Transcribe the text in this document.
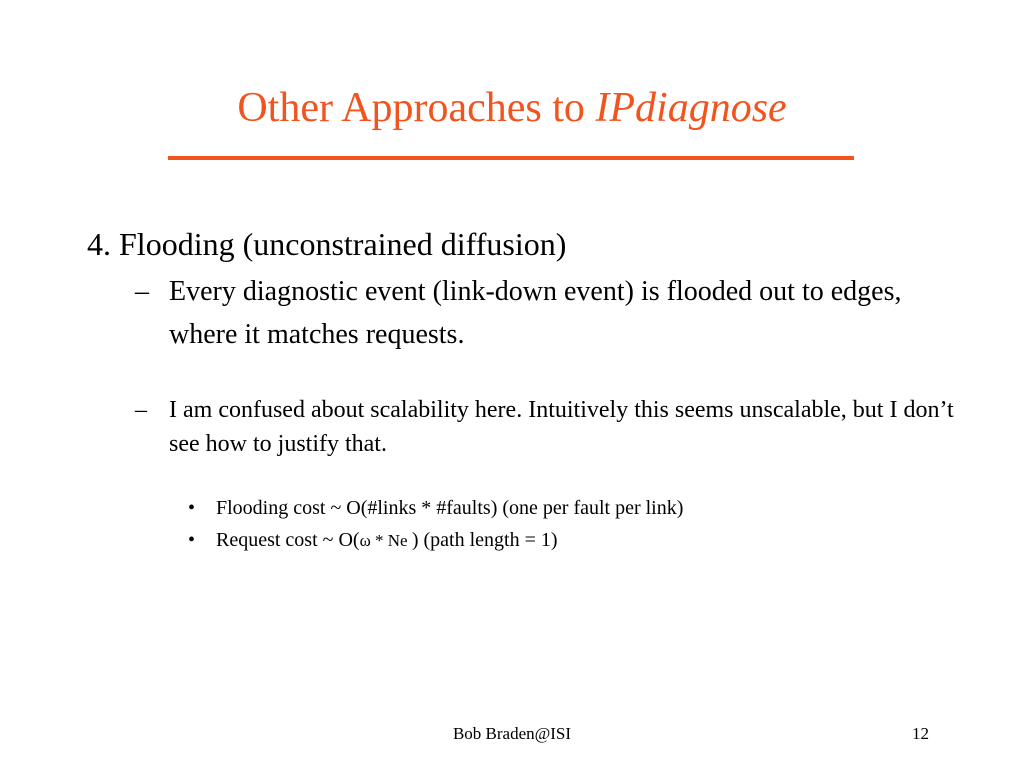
Other Approaches to IPdiagnose
4. Flooding (unconstrained diffusion)
– Every diagnostic event (link-down event) is flooded out to edges, where it matches requests.
– I am confused about scalability here. Intuitively this seems unscalable, but I don’t see how to justify that.
• Flooding cost ~ O(#links * #faults) (one per fault per link)
• Request cost ~ O(ω * Ne ) (path length = 1)
Bob Braden@ISI	12
